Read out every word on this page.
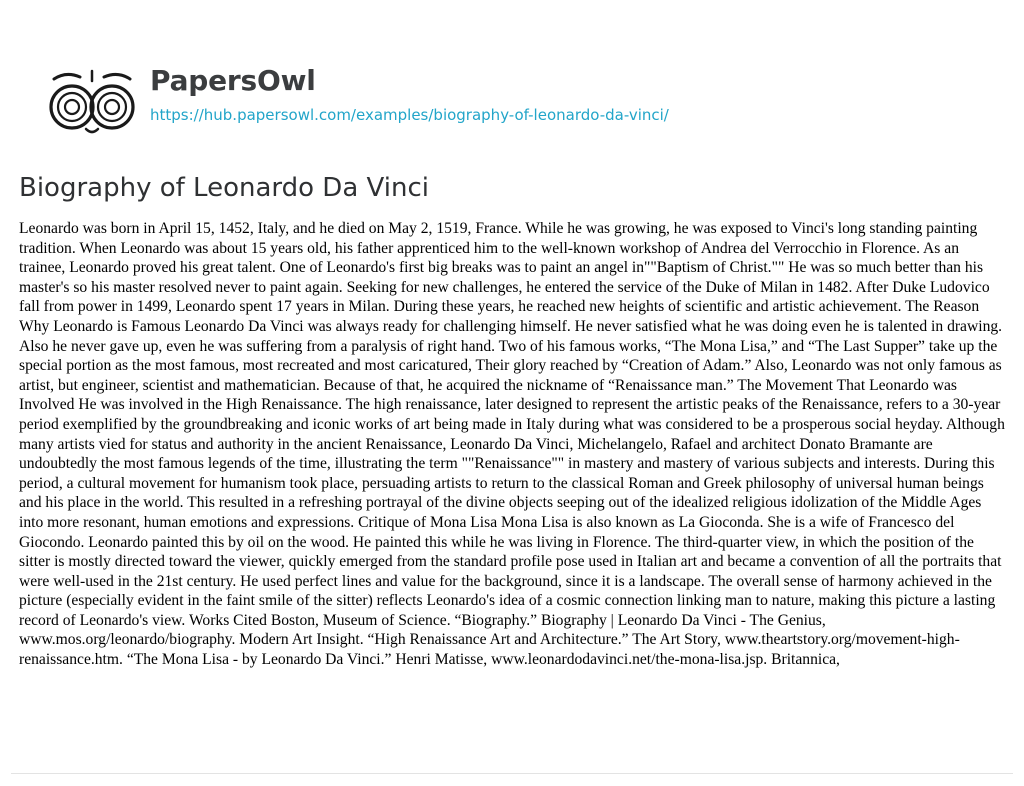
PapersOwl
https://hub.papersowl.com/examples/biography-of-leonardo-da-vinci/
Biography of Leonardo Da Vinci

Leonardo was born in April 15, 1452, Italy, and he died on May 2, 1519, France. While he was growing, he was exposed to Vinci's long standing painting tradition. When Leonardo was about 15 years old, his father apprenticed him to the well-known workshop of Andrea del Verrocchio in Florence. As an trainee, Leonardo proved his great talent. One of Leonardo's first big breaks was to paint an angel in""Baptism of Christ."" He was so much better than his master's so his master resolved never to paint again. Seeking for new challenges, he entered the service of the Duke of Milan in 1482. After Duke Ludovico fall from power in 1499, Leonardo spent 17 years in Milan. During these years, he reached new heights of scientific and artistic achievement. The Reason Why Leonardo is Famous Leonardo Da Vinci was always ready for challenging himself. He never satisfied what he was doing even he is talented in drawing. Also he never gave up, even he was suffering from a paralysis of right hand. Two of his famous works, “The Mona Lisa,” and “The Last Supper” take up the special portion as the most famous, most recreated and most caricatured, Their glory reached by “Creation of Adam.” Also, Leonardo was not only famous as artist, but engineer, scientist and mathematician. Because of that, he acquired the nickname of “Renaissance man.” The Movement That Leonardo was Involved He was involved in the High Renaissance. The high renaissance, later designed to represent the artistic peaks of the Renaissance, refers to a 30-year period exemplified by the groundbreaking and iconic works of art being made in Italy during what was considered to be a prosperous social heyday. Although many artists vied for status and authority in the ancient Renaissance, Leonardo Da Vinci, Michelangelo, Rafael and architect Donato Bramante are undoubtedly the most famous legends of the time, illustrating the term ""Renaissance"" in mastery and mastery of various subjects and interests. During this period, a cultural movement for humanism took place, persuading artists to return to the classical Roman and Greek philosophy of universal human beings and his place in the world. This resulted in a refreshing portrayal of the divine objects seeping out of the idealized religious idolization of the Middle Ages into more resonant, human emotions and expressions. Critique of Mona Lisa Mona Lisa is also known as La Gioconda. She is a wife of Francesco del Giocondo. Leonardo painted this by oil on the wood. He painted this while he was living in Florence. The third-quarter view, in which the position of the sitter is mostly directed toward the viewer, quickly emerged from the standard profile pose used in Italian art and became a convention of all the portraits that were well-used in the 21st century. He used perfect lines and value for the background, since it is a landscape. The overall sense of harmony achieved in the picture (especially evident in the faint smile of the sitter) reflects Leonardo's idea of a cosmic connection linking man to nature, making this picture a lasting record of Leonardo's view. Works Cited Boston, Museum of Science. “Biography.” Biography | Leonardo Da Vinci - The Genius, www.mos.org/leonardo/biography. Modern Art Insight. “High Renaissance Art and Architecture.” The Art Story, www.theartstory.org/movement-high-renaissance.htm. “The Mona Lisa - by Leonardo Da Vinci.” Henri Matisse, www.leonardodavinci.net/the-mona-lisa.jsp. Britannica,
